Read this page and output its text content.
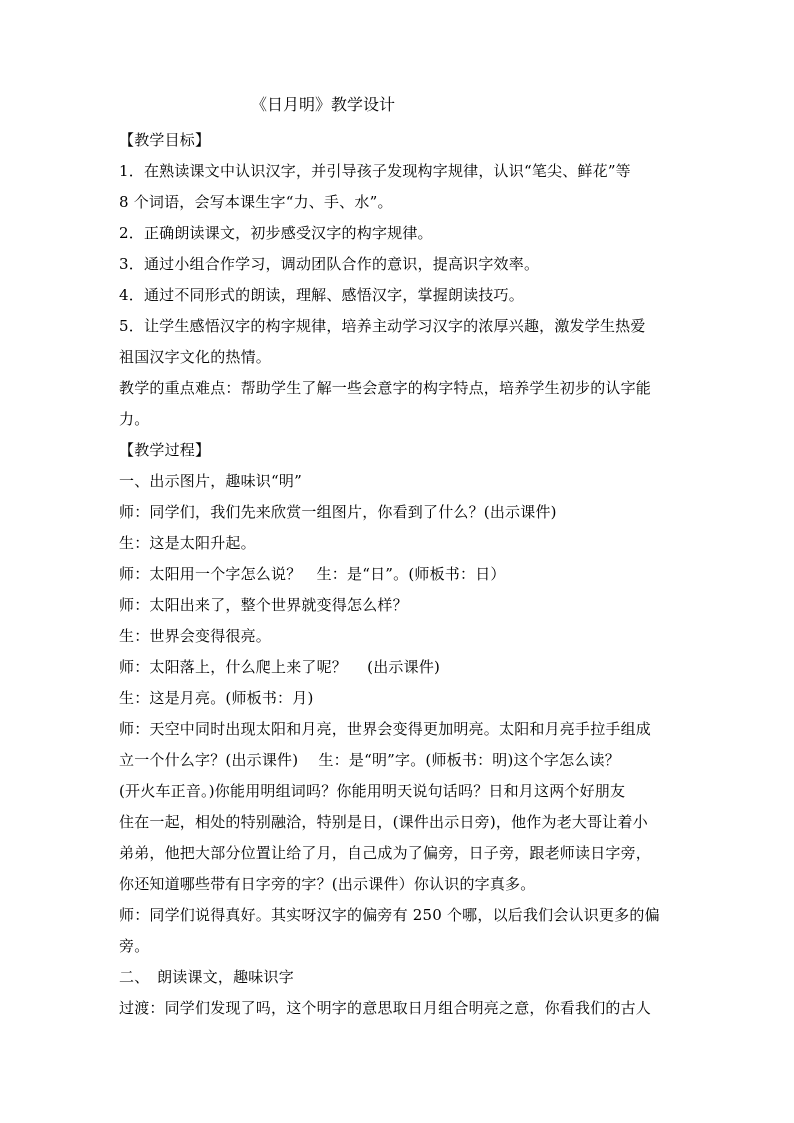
《日月明》教学设计

【教学目标】

1．在熟读课文中认识汉字，并引导孩子发现构字规律，认识“笔尖、鲜花”等

8 个词语，会写本课生字“力、手、水”。

2．正确朗读课文，初步感受汉字的构字规律。

3．通过小组合作学习，调动团队合作的意识，提高识字效率。

4．通过不同形式的朗读，理解、感悟汉字，掌握朗读技巧。

5．让学生感悟汉字的构字规律，培养主动学习汉字的浓厚兴趣，激发学生热爱

祖国汉字文化的热情。

教学的重点难点：帮助学生了解一些会意字的构字特点，培养学生初步的认字能

力。

【教学过程】

一、出示图片，趣味识“明”

师：同学们，我们先来欣赏一组图片，你看到了什么？(出示课件)

生：这是太阳升起。

师：太阳用一个字怎么说？　生：是“日”。(师板书：日）

师：太阳出来了，整个世界就变得怎么样？

生：世界会变得很亮。

师：太阳落上，什么爬上来了呢？　 (出示课件)

生：这是月亮。(师板书：月)

师：天空中同时出现太阳和月亮，世界会变得更加明亮。太阳和月亮手拉手组成

立一个什么字？(出示课件)　 生：是“明”字。(师板书：明)这个字怎么读？

(开火车正音。)你能用明组词吗？你能用明天说句话吗？日和月这两个好朋友

住在一起，相处的特别融洽，特别是日，(课件出示日旁)，他作为老大哥让着小

弟弟，他把大部分位置让给了月，自己成为了偏旁，日子旁，跟老师读日字旁，

你还知道哪些带有日字旁的字？(出示课件）你认识的字真多。

师：同学们说得真好。其实呀汉字的偏旁有 250 个哪，以后我们会认识更多的偏

旁。

二、　朗读课文，趣味识字

过渡：同学们发现了吗，这个明字的意思取日月组合明亮之意，你看我们的古人
